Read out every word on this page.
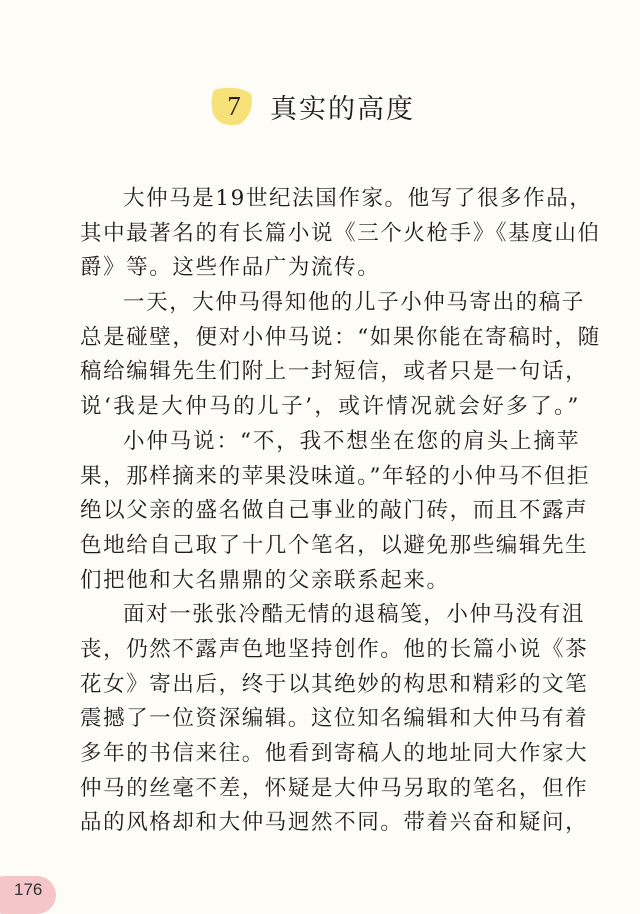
7 真实的高度
大仲马是19世纪法国作家。他写了很多作品，
其中最著名的有长篇小说《三个火枪手》《基度山伯
爵》等。这些作品广为流传。
一天，大仲马得知他的儿子小仲马寄出的稿子
总是碰壁，便对小仲马说：“如果你能在寄稿时，随
稿给编辑先生们附上一封短信，或者只是一句话，
说‘我是大仲马的儿子’，或许情况就会好多了。”
小仲马说：“不，我不想坐在您的肩头上摘苹
果，那样摘来的苹果没味道。”年轻的小仲马不但拒
绝以父亲的盛名做自己事业的敲门砖，而且不露声
色地给自己取了十几个笔名，以避免那些编辑先生
们把他和大名鼎鼎的父亲联系起来。
面对一张张冷酷无情的退稿笺，小仲马没有沮
丧，仍然不露声色地坚持创作。他的长篇小说《茶
花女》寄出后，终于以其绝妙的构思和精彩的文笔
震撼了一位资深编辑。这位知名编辑和大仲马有着
多年的书信来往。他看到寄稿人的地址同大作家大
仲马的丝毫不差，怀疑是大仲马另取的笔名，但作
品的风格却和大仲马迥然不同。带着兴奋和疑问，
176
